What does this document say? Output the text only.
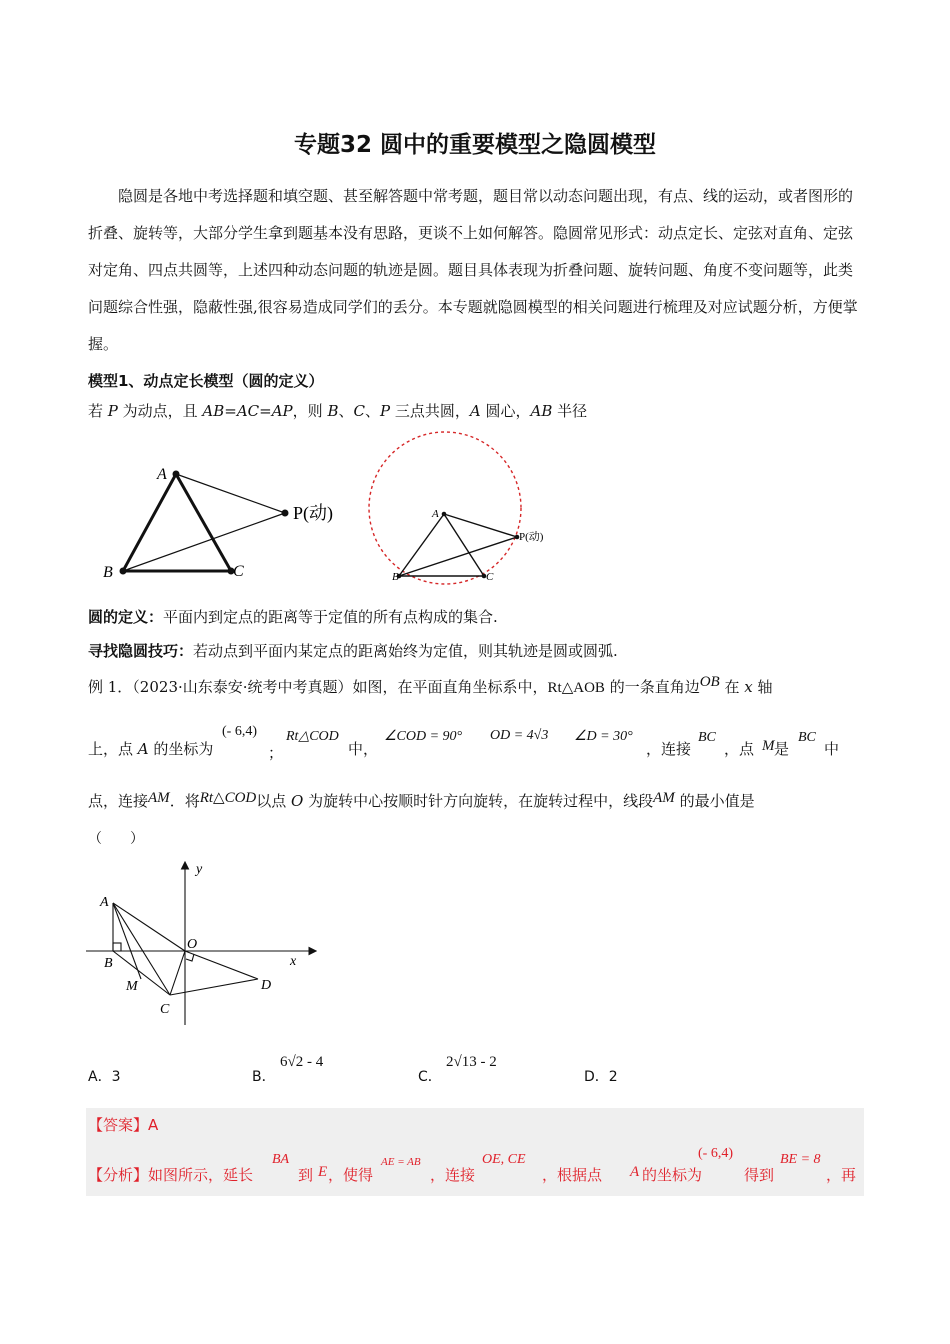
专题32 圆中的重要模型之隐圆模型
隐圆是各地中考选择题和填空题、甚至解答题中常考题，题目常以动态问题出现，有点、线的运动，或者图形的折叠、旋转等，大部分学生拿到题基本没有思路，更谈不上如何解答。隐圆常见形式：动点定长、定弦对直角、定弦对定角、四点共圆等，上述四种动态问题的轨迹是圆。题目具体表现为折叠问题、旋转问题、角度不变问题等，此类问题综合性强，隐蔽性强,很容易造成同学们的丢分。本专题就隐圆模型的相关问题进行梳理及对应试题分析，方便掌握。
模型1、动点定长模型（圆的定义）
若 P 为动点，且 AB=AC=AP，则 B、C、P 三点共圆，A 圆心，AB 半径
A
B	C
P(动)	A
B	C
P(动)
圆的定义：平面内到定点的距离等于定值的所有点构成的集合.
寻找隐圆技巧：若动点到平面内某定点的距离始终为定值，则其轨迹是圆或圆弧.
例 1．（2023·山东泰安·统考中考真题）如图，在平面直角坐标系中，Rt△AOB 的一条直角边OB 在 x 轴
上，点 A 的坐标为
(- 6,4)
；
Rt△COD
中，
∠COD = 90° OD = 4√3 ∠D = 30°
，连接
BC
，点 M 是
BC
中
点，连接AM．将Rt△COD以点 O 为旋转中心按顺时针方向旋转，在旋转过程中，线段AM 的最小值是
（　　）
y
A
B
O
x
M
C
D
A．3	B．
6√2 - 4
C．
2√13 - 2
D．2
【答案】A
【分析】如图所示，延长
BA
到 E ，使得
AE = AB
，连接
OE, CE
，根据点 A 的坐标为
(- 6,4)
得到
BE = 8
，再
